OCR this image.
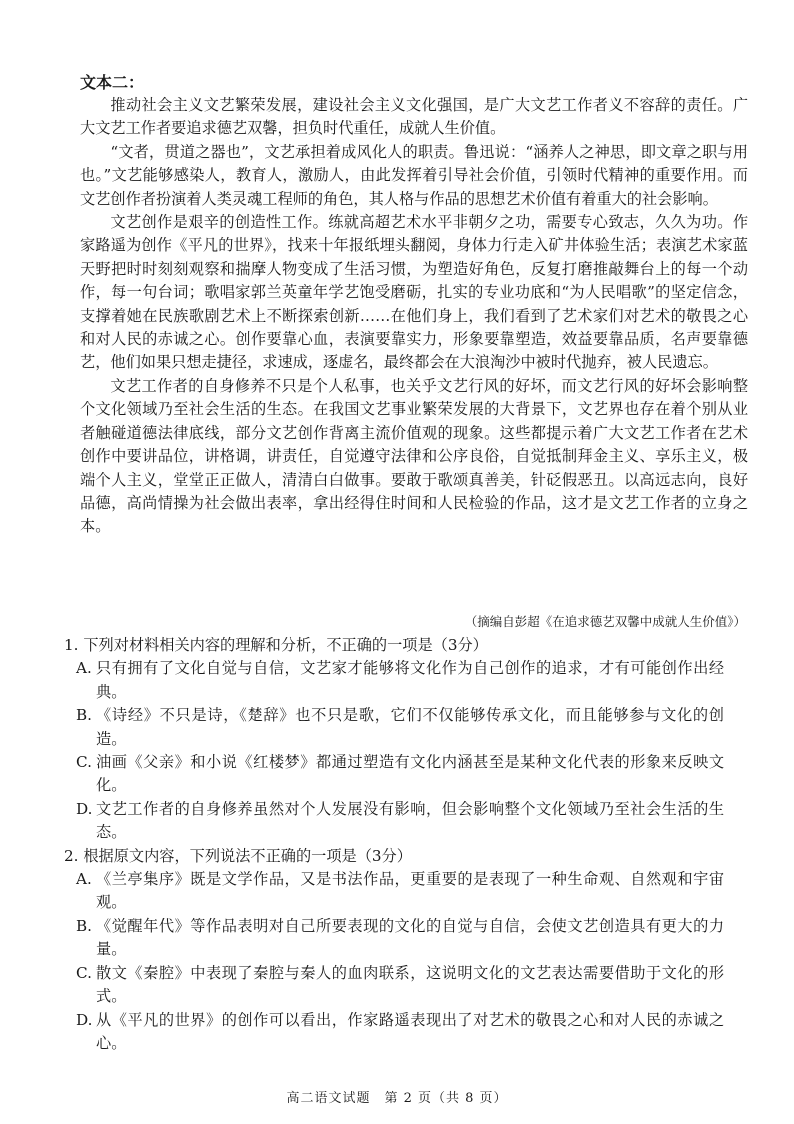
文本二：

推动社会主义文艺繁荣发展，建设社会主义文化强国，是广大文艺工作者义不容辞的责任。广大文艺工作者要追求德艺双馨，担负时代重任，成就人生价值。

“文者，贯道之器也”，文艺承担着成风化人的职责。鲁迅说：“涵养人之神思，即文章之职与用也。”文艺能够感染人，教育人，激励人，由此发挥着引导社会价值，引领时代精神的重要作用。而文艺创作者扮演着人类灵魂工程师的角色，其人格与作品的思想艺术价值有着重大的社会影响。

文艺创作是艰辛的创造性工作。练就高超艺术水平非朝夕之功，需要专心致志，久久为功。作家路遥为创作《平凡的世界》，找来十年报纸埋头翻阅，身体力行走入矿井体验生活；表演艺术家蓝天野把时时刻刻观察和揣摩人物变成了生活习惯，为塑造好角色，反复打磨推敲舞台上的每一个动作，每一句台词；歌唱家郭兰英童年学艺饱受磨砺，扎实的专业功底和“为人民唱歌”的坚定信念，支撑着她在民族歌剧艺术上不断探索创新……在他们身上，我们看到了艺术家们对艺术的敬畏之心和对人民的赤诚之心。创作要靠心血，表演要靠实力，形象要靠塑造，效益要靠品质，名声要靠德艺，他们如果只想走捷径，求速成，逐虚名，最终都会在大浪淘沙中被时代抛弃，被人民遗忘。

文艺工作者的自身修养不只是个人私事，也关乎文艺行风的好坏，而文艺行风的好坏会影响整个文化领域乃至社会生活的生态。在我国文艺事业繁荣发展的大背景下，文艺界也存在着个别从业者触碰道德法律底线，部分文艺创作背离主流价值观的现象。这些都提示着广大文艺工作者在艺术创作中要讲品位，讲格调，讲责任，自觉遵守法律和公序良俗，自觉抵制拜金主义、享乐主义，极端个人主义，堂堂正正做人，清清白白做事。要敢于歌颂真善美，针砭假恶丑。以高远志向，良好品德，高尚情操为社会做出表率，拿出经得住时间和人民检验的作品，这才是文艺工作者的立身之本。

（摘编自彭超《在追求德艺双馨中成就人生价值》）
1. 下列对材料相关内容的理解和分析，不正确的一项是（3分）
A. 只有拥有了文化自觉与自信，文艺家才能够将文化作为自己创作的追求，才有可能创作出经典。
B. 《诗经》不只是诗，《楚辞》也不只是歌，它们不仅能够传承文化，而且能够参与文化的创造。
C. 油画《父亲》和小说《红楼梦》都通过塑造有文化内涵甚至是某种文化代表的形象来反映文化。
D. 文艺工作者的自身修养虽然对个人发展没有影响，但会影响整个文化领域乃至社会生活的生态。
2. 根据原文内容，下列说法不正确的一项是（3分）
A. 《兰亭集序》既是文学作品，又是书法作品，更重要的是表现了一种生命观、自然观和宇宙观。
B. 《觉醒年代》等作品表明对自己所要表现的文化的自觉与自信，会使文艺创造具有更大的力量。
C. 散文《秦腔》中表现了秦腔与秦人的血肉联系，这说明文化的文艺表达需要借助于文化的形式。
D. 从《平凡的世界》的创作可以看出，作家路遥表现出了对艺术的敬畏之心和对人民的赤诚之心。
高二语文试题　第 2 页（共 8 页）
